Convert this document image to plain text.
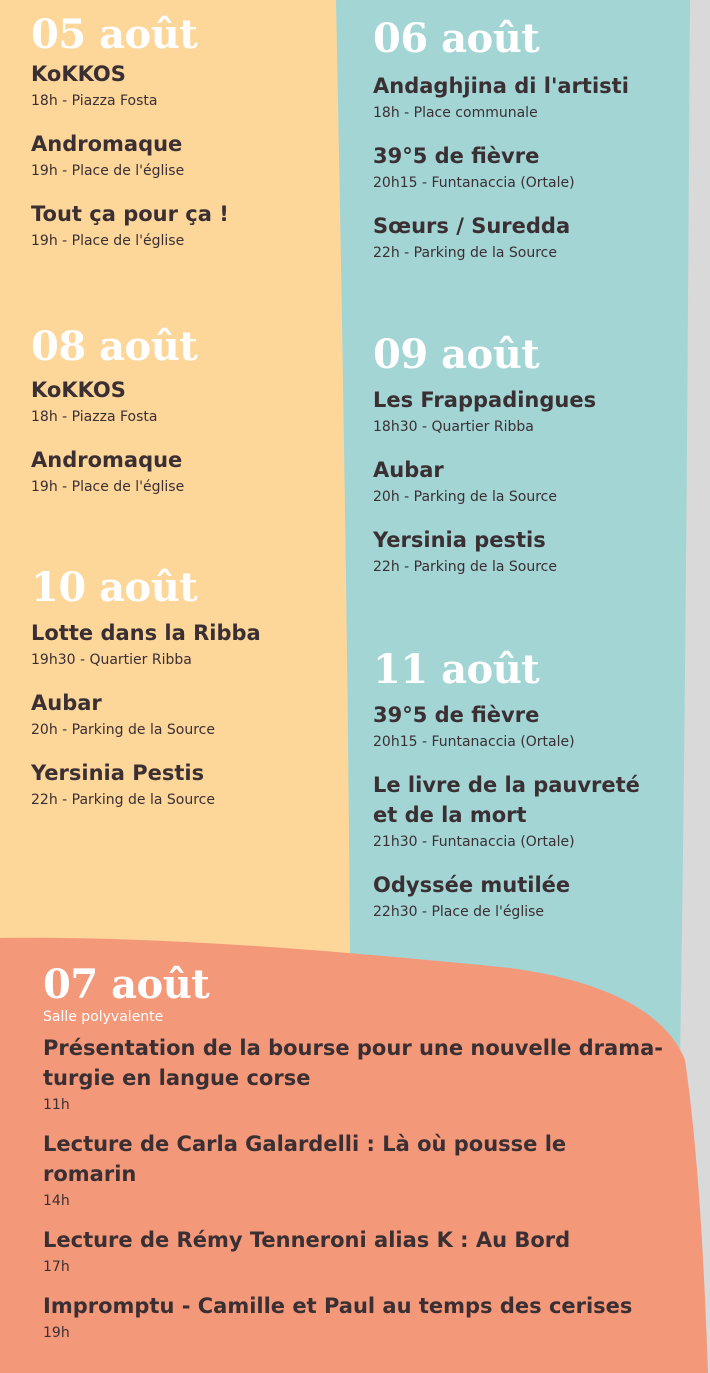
05 août
KoKKOS
18h - Piazza Fosta
Andromaque
19h - Place de l'église
Tout ça pour ça !
19h - Place de l'église
08 août
KoKKOS
18h - Piazza Fosta
Andromaque
19h - Place de l'église
10 août
Lotte dans la Ribba
19h30 - Quartier Ribba
Aubar
20h - Parking de la Source
Yersinia Pestis
22h - Parking de la Source
06 août
Andaghjina di l'artisti
18h - Place communale
39°5 de fièvre
20h15 - Funtanaccia (Ortale)
Sœurs / Suredda
22h - Parking de la Source
09 août
Les Frappadingues
18h30 - Quartier Ribba
Aubar
20h - Parking de la Source
Yersinia pestis
22h - Parking de la Source
11 août
39°5 de fièvre
20h15 - Funtanaccia (Ortale)
Le livre de la pauvreté et de la mort
21h30 - Funtanaccia (Ortale)
Odyssée mutilée
22h30 - Place de l'église
07 août
Salle polyvalente
Présentation de la bourse pour une nouvelle drama-turgie en langue corse
11h
Lecture de Carla Galardelli : Là où pousse le romarin
14h
Lecture de Rémy Tenneroni alias K : Au Bord
17h
Impromptu - Camille et Paul au temps des cerises
19h
